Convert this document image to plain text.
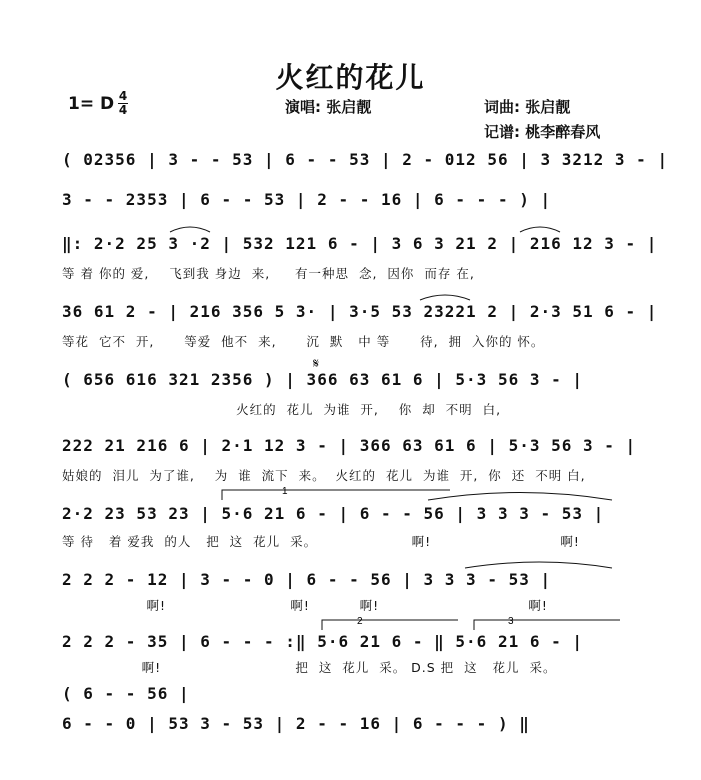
火红的花儿
1= D 4
4	演唱: 张启靓	词曲: 张启靓
记谱: 桃李醉春风
( 02356 | 3 - - 53 | 6 - - 53 | 2 - 012 56 | 3 3212 3 - |
3 - - 2353 | 6 - - 53 | 2 - - 16 | 6 - - - ) |
‖: 2·2 25 3 ·2 | 532 121 6 - | 3 6 3 21 2 | 216 12 3 - |
等 着 你的 爱,    飞到我 身边  来,     有一种思  念,  因你  而存 在,
36 61 2 - | 216 356 5 3· | 3·5 53 23221 2 | 2·3 51 6 - |
等花  它不  开,      等爱  他不  来,      沉  默   中 等      待,  拥  入你的 怀。
𝄋
( 656 616 321 2356 ) | 366 63 61 6 | 5·3 56 3 - |
火红的  花儿  为谁  开,    你  却  不明  白,
222 21 216 6 | 2·1 12 3 - | 366 63 61 6 | 5·3 56 3 - |
姑娘的  泪儿  为了谁,    为  谁  流下  来。  火红的  花儿  为谁  开,  你  还  不明 白,
1
2	3
2·2 23 53 23 | 5·6 21 6 - | 6 - - 56 | 3 3 3 - 53 |
等 待   着 爱我  的人   把  这  花儿  采。                   啊!                          啊!
2 2 2 - 12 | 3 - - 0 | 6 - - 56 | 3 3 3 - 53 |
啊!                         啊!          啊!                              啊!
2 2 2 - 35 | 6 - - - :‖ 5·6 21 6 - ‖ 5·6 21 6 - |
啊!                           把  这  花儿  采。 D.S 把  这   花儿  采。
( 6 - - 56 |
6 - - 0 | 53 3 - 53 | 2 - - 16 | 6 - - - ) ‖
